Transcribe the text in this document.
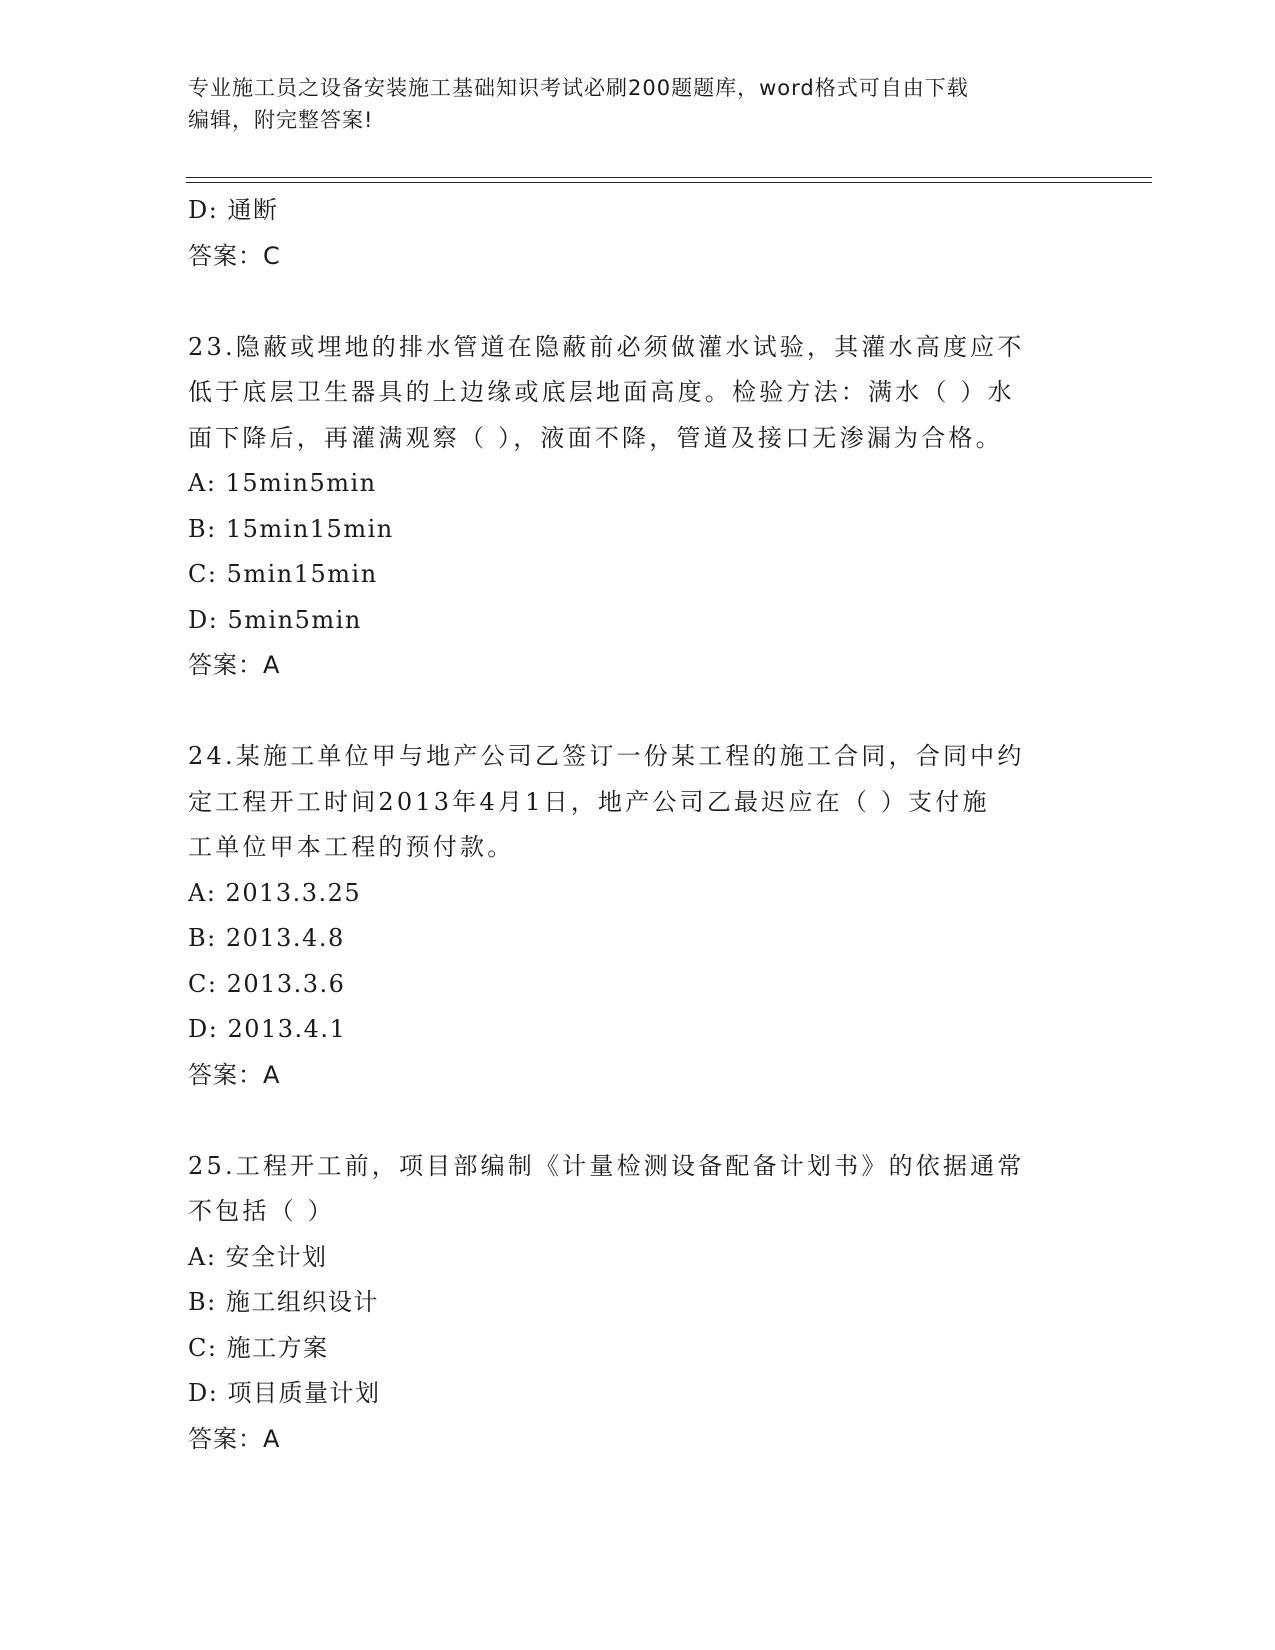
专业施工员之设备安装施工基础知识考试必刷200题题库，word格式可自由下载
编辑，附完整答案!
D: 通断
答案：C
23.隐蔽或埋地的排水管道在隐蔽前必须做灌水试验，其灌水高度应不
低于底层卫生器具的上边缘或底层地面高度。检验方法：满水（ ）水
面下降后，再灌满观察（ ），液面不降，管道及接口无渗漏为合格。
A: 15min5min
B: 15min15min
C: 5min15min
D: 5min5min
答案：A
24.某施工单位甲与地产公司乙签订一份某工程的施工合同，合同中约
定工程开工时间2013年4月1日，地产公司乙最迟应在（ ）支付施
工单位甲本工程的预付款。
A: 2013.3.25
B: 2013.4.8
C: 2013.3.6
D: 2013.4.1
答案：A
25.工程开工前，项目部编制《计量检测设备配备计划书》的依据通常
不包括（ ）
A: 安全计划
B: 施工组织设计
C: 施工方案
D: 项目质量计划
答案：A
